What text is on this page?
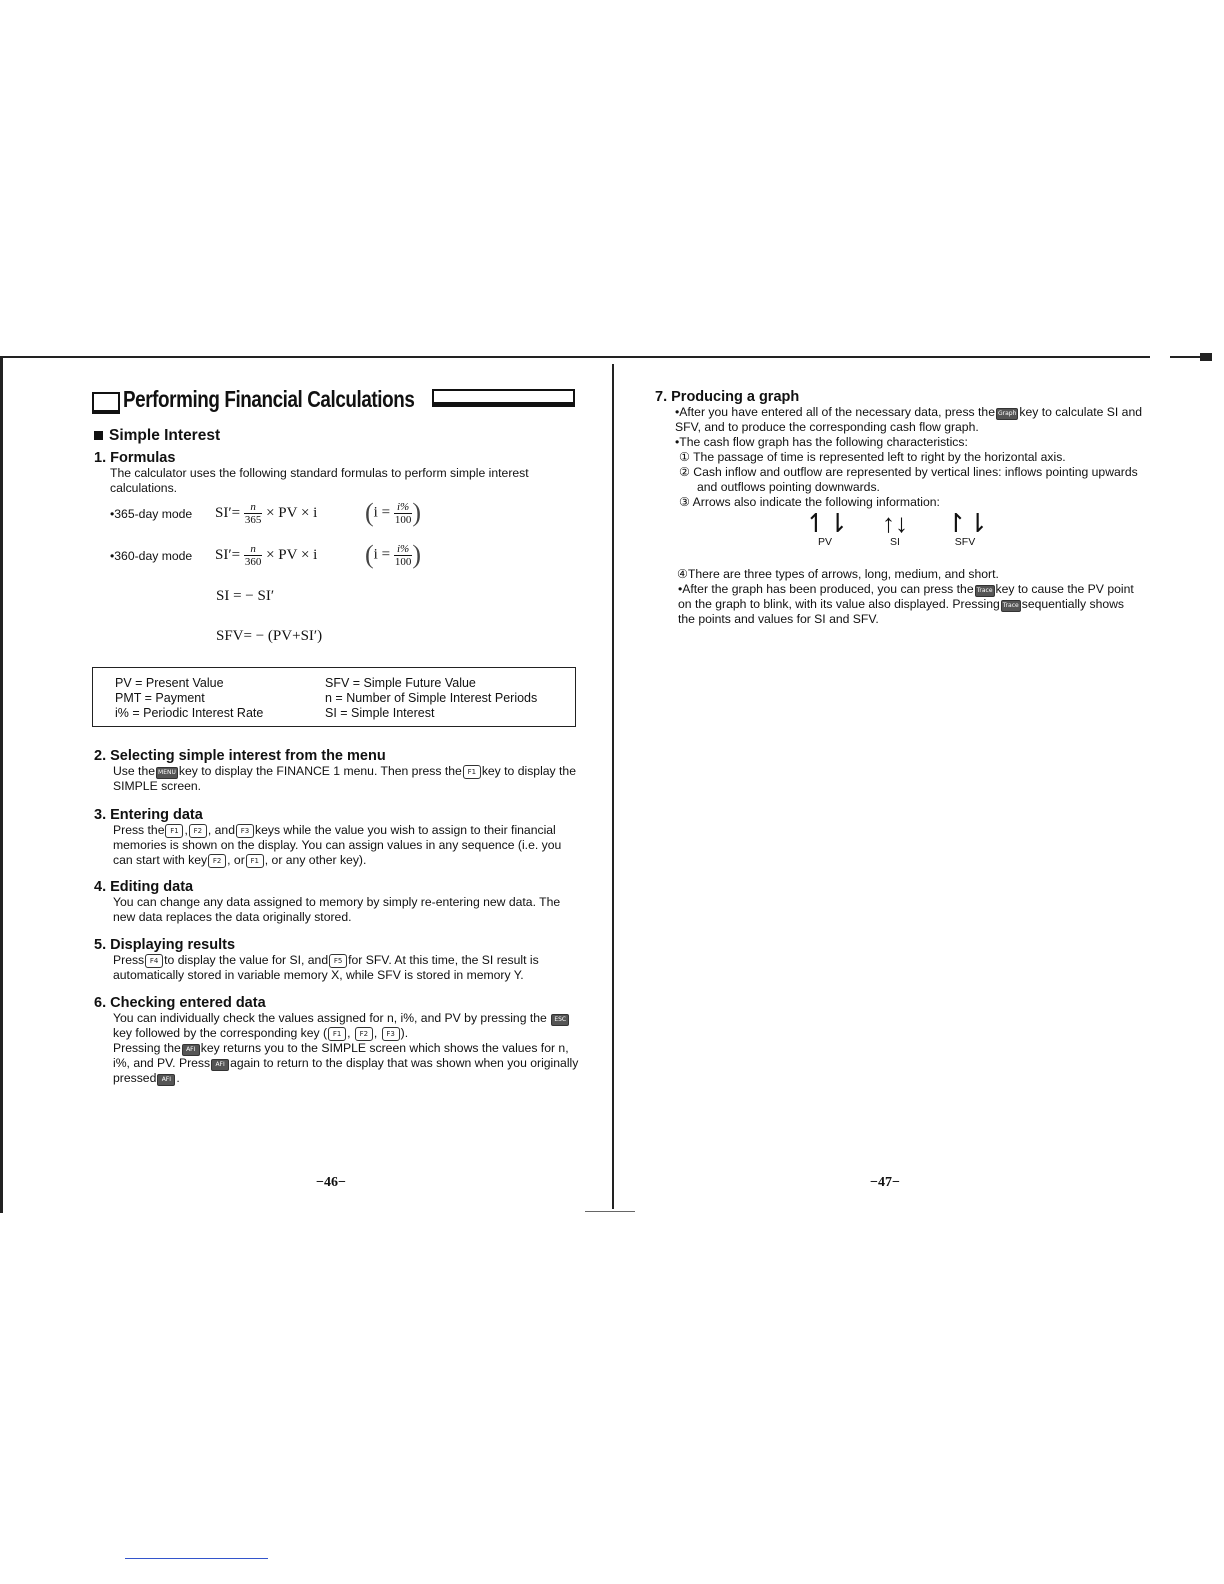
Performing Financial Calculations
Simple Interest
1. Formulas
The calculator uses the following standard formulas to perform simple interest calculations.
•365-day mode $SI'= \frac{n}{365}$ × PV × i ($i = \frac{i\%}{100}$ )
•360-day mode $SI'= \frac{n}{360}$ × PV × i ($i = \frac{i\%}{100}$ )
SI = − SI′
SFV= − (PV+SI′)
PV = Present Value	SFV = Simple Future Value
PMT = Payment	n = Number of Simple Interest Periods
i% = Periodic Interest Rate	SI = Simple Interest
2. Selecting simple interest from the menu
Use the MENU key to display the FINANCE 1 menu. Then press the F1 key to display the SIMPLE screen.
3. Entering data
Press the F1 , F2 , and F3 keys while the value you wish to assign to their financial memories is shown on the display. You can assign values in any sequence (i.e. you can start with key F2 , or F1 , or any other key).
4. Editing data
You can change any data assigned to memory by simply re-entering new data. The new data replaces the data originally stored.
5. Displaying results
Press F4 to display the value for SI, and F5 for SFV. At this time, the SI result is automatically stored in variable memory X, while SFV is stored in memory Y.
6. Checking entered data
You can individually check the values assigned for n, i%, and PV by pressing the ESCkey followed by the corresponding key ( F1 , F2 , F3 ).
Pressing the AFI key returns you to the SIMPLE screen which shows the values for n, i%, and PV. Press AFI again to return to the display that was shown when you originally pressed AFI .
−46−
7. Producing a graph
•After you have entered all of the necessary data, press the Graph key to calculate SI and SFV, and to produce the corresponding cash flow graph.
•The cash flow graph has the following characteristics:
① The passage of time is represented left to right by the horizontal axis.
② Cash inflow and outflow are represented by vertical lines: inflows pointing upwards and outflows pointing downwards.
③ Arrows also indicate the following information:
↿⇂
PV
↑↓
SI
↾⇂
SFV
④There are three types of arrows, long, medium, and short.
•After the graph has been produced, you can press the Trace key to cause the PV point on the graph to blink, with its value also displayed. Pressing Trace sequentially shows the points and values for SI and SFV.
−47−
